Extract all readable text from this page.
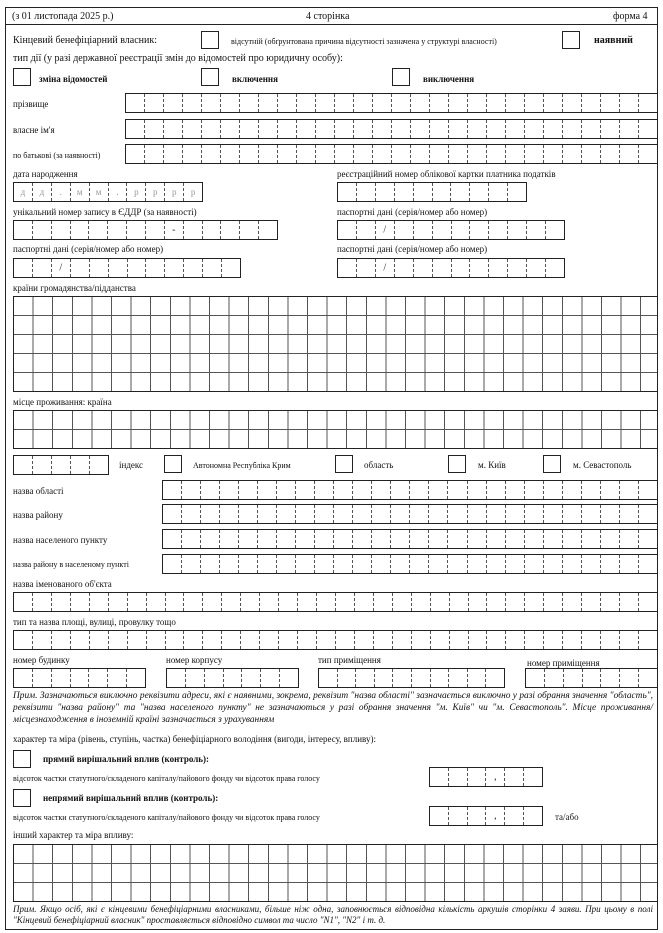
(з 01 листопада 2025 р.)	4 сторінка	форма 4
Кінцевий бенефіціарний власник:	відсутній (обґрунтована причина відсутності зазначена у структурі власності)	наявний
тип дії (у разі державної реєстрації змін до відомостей про юридичну особу):
зміна відомостей	включення	виключення
прізвище
власне ім'я
по батькові (за наявності)
дата народження
д	д	.	м	м	.	р	р	р	р
реєстраційний номер облікової картки платника податків
унікальний номер запису в ЄДДР (за наявності)
-
паспортні дані (серія/номер або номер)
/
паспортні дані (серія/номер або номер)
/
паспортні дані (серія/номер або номер)
/
країни громадянства/підданства
місце проживання: країна
індекс	Автономна Республіка Крим	область	м. Київ	м. Севастополь
назва області
назва району
назва населеного пункту
назва району в населеному пункті
назва іменованого об'єкта
тип та назва площі, вулиці, провулку тощо
номер будинку	номер корпусу	тип приміщення	номер приміщення
Прим. Зазначаються виключно реквізити адреси, які є наявними, зокрема, реквізит "назва області" зазначається виключно у разі обрання значення "область", реквізити "назва району" та "назва населеного пункту" не зазначаються у разі обрання значення "м. Київ" чи "м. Севастополь". Місце проживання/місцезнаходження в іноземній країні зазначається з урахуванням
характер та міра (рівень, ступінь, частка) бенефіціарного володіння (вигоди, інтересу, впливу):
прямий вирішальний вплив (контроль):
відсоток частки статутного/складеного капіталу/пайового фонду чи відсоток права голосу	,
непрямий вирішальний вплив (контроль):
відсоток частки статутного/складеного капіталу/пайового фонду чи відсоток права голосу	,	та/або
інший характер та міра впливу:
Прим. Якщо осіб, які є кінцевими бенефіціарними власниками, більше ніж одна, заповнюється відповідна кількість аркушів сторінки 4 заяви. При цьому в полі "Кінцевий бенефіціарний власник" проставляється відповідно символ та число "N1", "N2" і т. д.
